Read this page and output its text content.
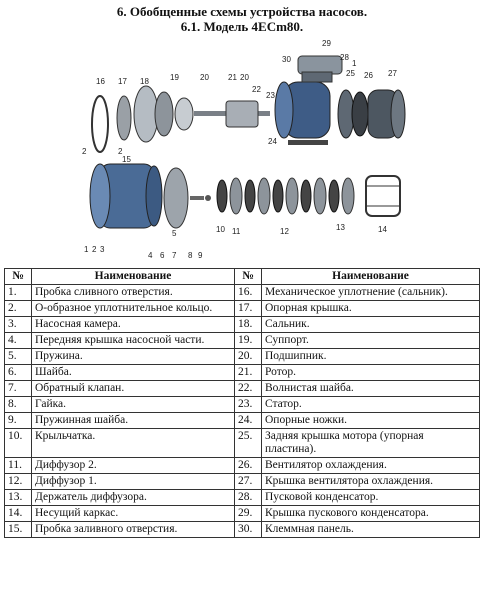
6. Обобщенные схемы устройства насосов.
6.1. Модель 4ECm80.
29
30	28
1
27
26
25
23
22
21 20
20
19
18
17
16
24
2	2
15
1 2 3
4
5
6 7 8 9
10 11	12	13	14
№	Наименование	№	Наименование
1.	Пробка сливного отверстия.	16.	Механическое уплотнение (сальник).
2.	О-образное уплотнительное кольцо.	17.	Опорная крышка.
3.	Насосная камера.	18.	Сальник.
4.	Передняя крышка насосной части.	19.	Суппорт.
5.	Пружина.	20.	Подшипник.
6.	Шайба.	21.	Ротор.
7.	Обратный клапан.	22.	Волнистая шайба.
8.	Гайка.	23.	Статор.
9.	Пружинная шайба.	24.	Опорные ножки.
10.	Крыльчатка.	25.	Задняя крышка мотора (упорная пластина).
11.	Диффузор 2.	26.	Вентилятор охлаждения.
12.	Диффузор 1.	27.	Крышка вентилятора охлаждения.
13.	Держатель диффузора.	28.	Пусковой конденсатор.
14.	Несущий каркас.	29.	Крышка пускового конденсатора.
15.	Пробка заливного отверстия.	30.	Клеммная панель.
